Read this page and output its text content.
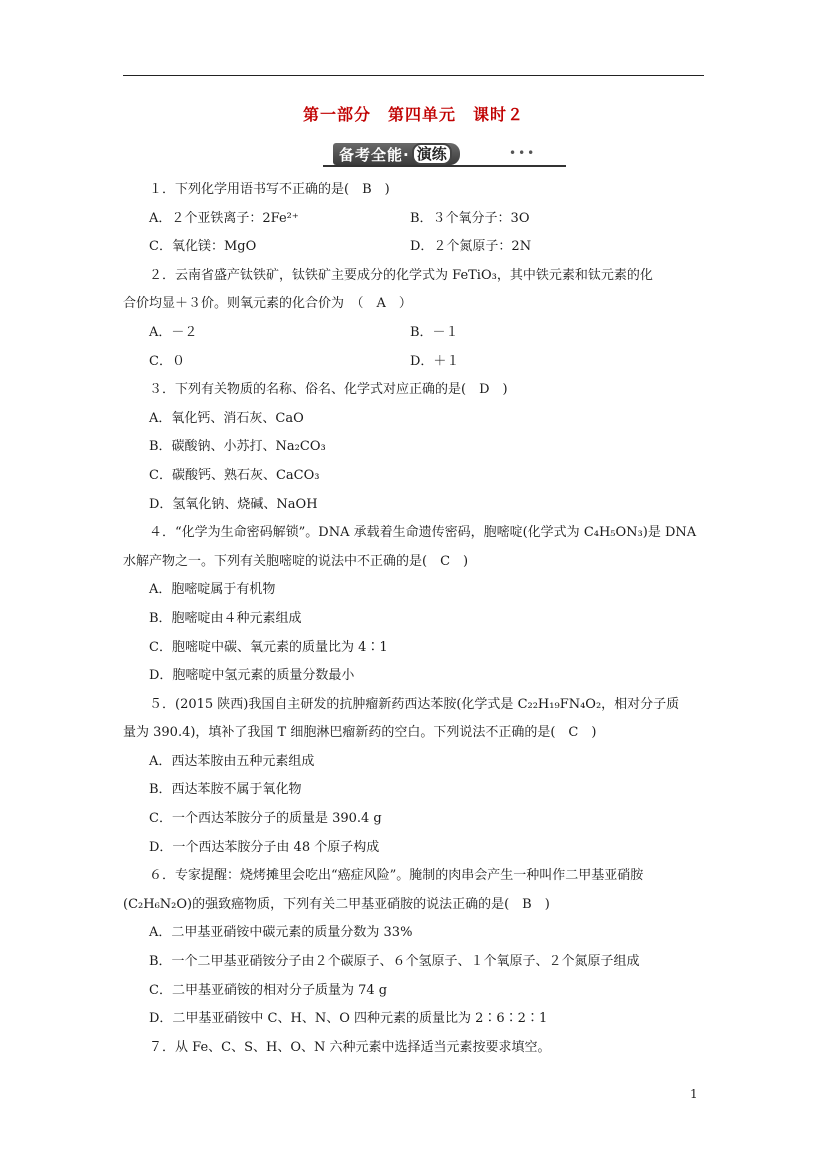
第一部分　第四单元　课时２
备考全能· 演练	•••

１．下列化学用语书写不正确的是(　B　)

A．２个亚铁离子：2Fe²⁺	B．３个氧分子：3O
C．氧化镁：MgO	D．２个氮原子：2N

２．云南省盛产钛铁矿，钛铁矿主要成分的化学式为 FeTiO₃，其中铁元素和钛元素的化

合价均显＋３价。则氧元素的化合价为　（　A　）

A．－２	B．－１
C．０	D．＋１

３．下列有关物质的名称、俗名、化学式对应正确的是(　D　)

A．氧化钙、消石灰、CaO

B．碳酸钠、小苏打、Na₂CO₃

C．碳酸钙、熟石灰、CaCO₃

D．氢氧化钠、烧碱、NaOH

４．“化学为生命密码解锁”。DNA 承载着生命遗传密码，胞嘧啶(化学式为 C₄H₅ON₃)是 DNA

水解产物之一。下列有关胞嘧啶的说法中不正确的是(　C　)

A．胞嘧啶属于有机物

B．胞嘧啶由４种元素组成

C．胞嘧啶中碳、氧元素的质量比为 4∶1

D．胞嘧啶中氢元素的质量分数最小

５．(2015 陕西)我国自主研发的抗肿瘤新药西达苯胺(化学式是 C₂₂H₁₉FN₄O₂，相对分子质

量为 390.4)，填补了我国 T 细胞淋巴瘤新药的空白。下列说法不正确的是(　C　)

A．西达苯胺由五种元素组成

B．西达苯胺不属于氧化物

C．一个西达苯胺分子的质量是 390.4 g

D．一个西达苯胺分子由 48 个原子构成

６．专家提醒：烧烤摊里会吃出“癌症风险”。腌制的肉串会产生一种叫作二甲基亚硝胺

(C₂H₆N₂O)的强致癌物质，下列有关二甲基亚硝胺的说法正确的是(　B　)

A．二甲基亚硝铵中碳元素的质量分数为 33%

B．一个二甲基亚硝铵分子由２个碳原子、６个氢原子、１个氧原子、２个氮原子组成

C．二甲基亚硝铵的相对分子质量为 74 g

D．二甲基亚硝铵中 C、H、N、O 四种元素的质量比为 2∶6∶2∶1

７．从 Fe、C、S、H、O、N 六种元素中选择适当元素按要求填空。

1
